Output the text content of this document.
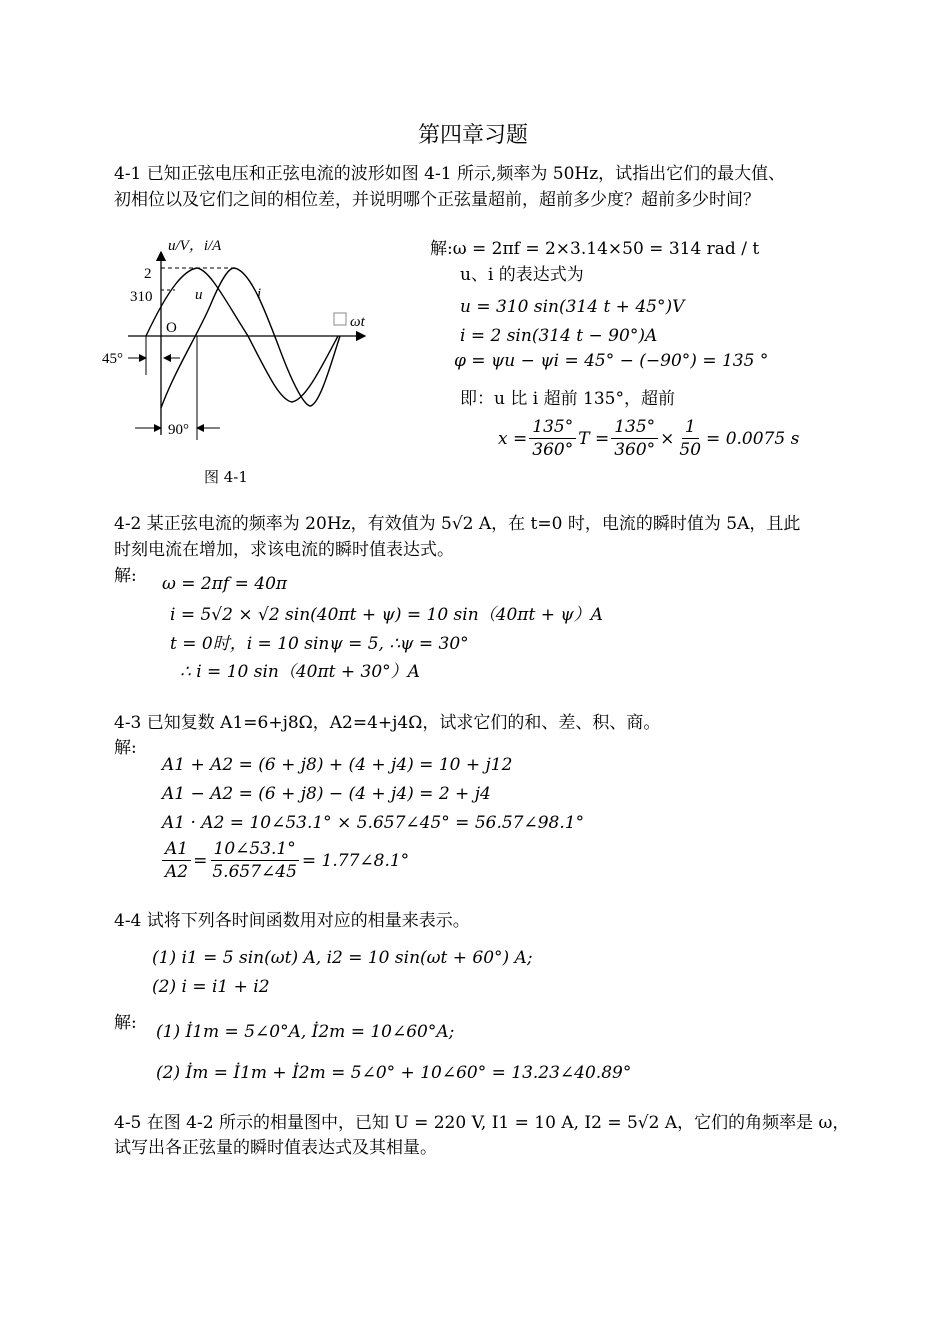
第四章习题
4-1 已知正弦电压和正弦电流的波形如图 4-1 所示,频率为 50Hz，试指出它们的最大值、
初相位以及它们之间的相位差，并说明哪个正弦量超前，超前多少度？超前多少时间？
u/V，i/A
2
310	u	i
ωt
O
45°
90°
图 4-1
解:ω = 2πf = 2×3.14×50 = 314 rad / t
u、i 的表达式为
u = 310 sin(314 t + 45°)V
i = 2 sin(314 t − 90°)A
φ = ψu − ψi = 45° − (−90°) = 135 °
即：u 比 i 超前 135°，超前
$x = \frac{135^\circ}{360^\circ}$ $T = \frac{135^\circ}{360^\circ} \times \frac{1}{50} = 0.0075$ s
4-2 某正弦电流的频率为 20Hz，有效值为 5√2 A，在 t=0 时，电流的瞬时值为 5A，且此
时刻电流在增加，求该电流的瞬时值表达式。
解: ω = 2πf = 40π
i = 5√2 × √2 sin(40πt + ψ) = 10 sin（40πt + ψ）A
t = 0时，i = 10 sinψ = 5, ∴ψ = 30°
∴ i = 10 sin（40πt + 30°）A
4-3 已知复数 A1=6+j8Ω，A2=4+j4Ω，试求它们的和、差、积、商。
解:
A1 + A2 = (6 + j8) + (4 + j4) = 10 + j12
A1 − A2 = (6 + j8) − (4 + j4) = 2 + j4
A1 · A2 = 10∠53.1° × 5.657∠45° = 56.57∠98.1°
$\frac{A1}{A2} = \frac{10\angle 53.1^\circ}{5.657\angle 45}$ = 1.77∠8.1°
4-4 试将下列各时间函数用对应的相量来表示。
(1) i1 = 5 sin(ωt) A, i2 = 10 sin(ωt + 60°) A;
(2) i = i1 + i2
解: (1) İ1m = 5∠0°A, İ2m = 10∠60°A;
(2) İm = İ1m + İ2m = 5∠0° + 10∠60° = 13.23∠40.89°
4-5 在图 4-2 所示的相量图中，已知 U = 220 V, I1 = 10 A, I2 = 5√2 A，它们的角频率是 ω，
试写出各正弦量的瞬时值表达式及其相量。
